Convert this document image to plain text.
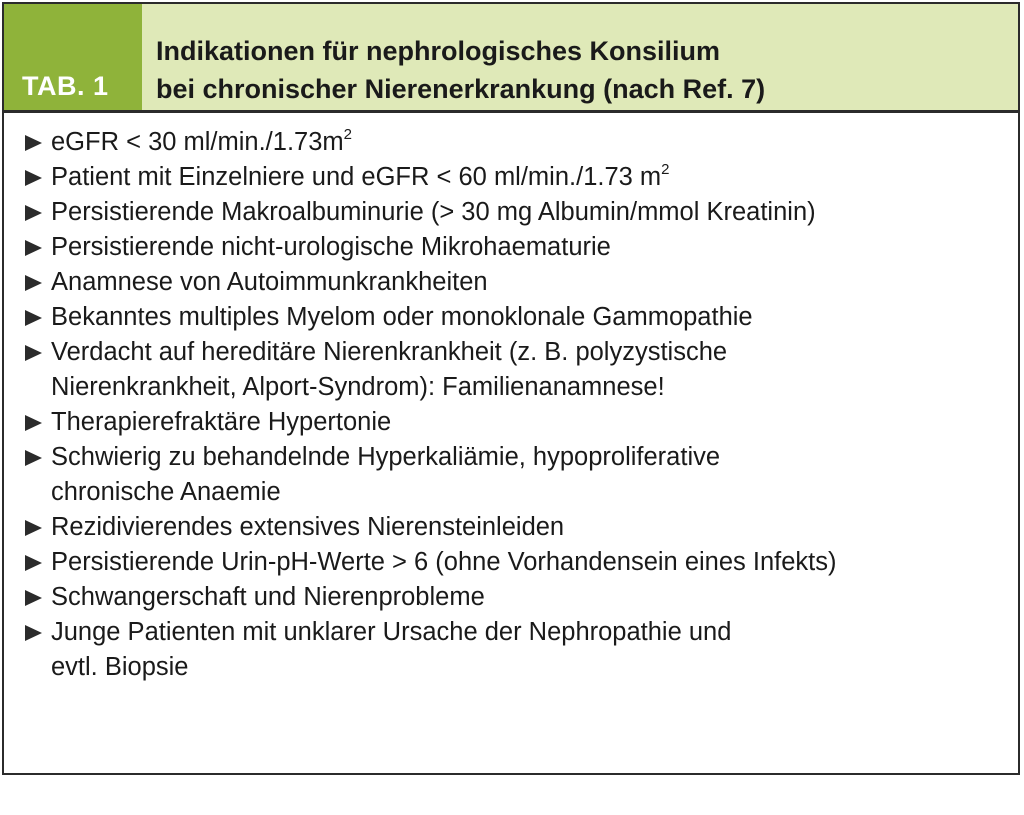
TAB. 1
Indikationen für nephrologisches Konsilium
bei chronischer Nierenerkrankung (nach Ref. 7)
eGFR < 30 $ml/\min./1.73m^2$
Patient mit Einzelniere und eGFR < 60 ml/min./1.73 $m^2$
Persistierende Makroalbuminurie (> 30 mg Albumin/mmol Kreatinin)
Persistierende nicht-urologische Mikrohaematurie
Anamnese von Autoimmunkrankheiten
Bekanntes multiples Myelom oder monoklonale Gammopathie
Verdacht auf hereditäre Nierenkrankheit (z. B. polyzystische
Nierenkrankheit, Alport-Syndrom): Familienanamnese!
Therapierefraktäre Hypertonie
Schwierig zu behandelnde Hyperkaliämie, hypoproliferative
chronische Anaemie
Rezidivierendes extensives Nierensteinleiden
Persistierende Urin-pH-Werte > 6 (ohne Vorhandensein eines Infekts)
Schwangerschaft und Nierenprobleme
Junge Patienten mit unklarer Ursache der Nephropathie und
evtl. Biopsie
